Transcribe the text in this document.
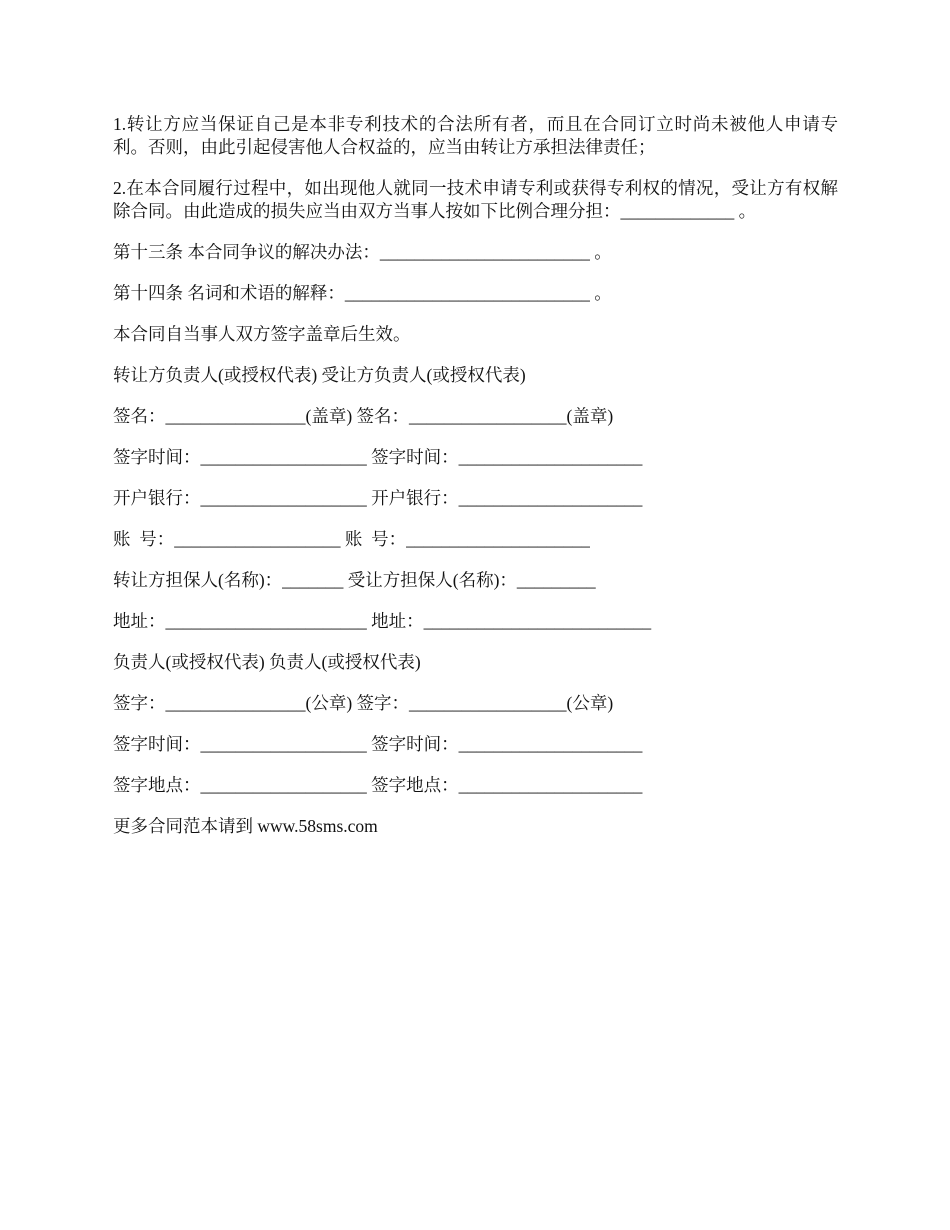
1.转让方应当保证自己是本非专利技术的合法所有者，而且在合同订立时尚未被他人申请专利。否则，由此引起侵害他人合权益的，应当由转让方承担法律责任；

2.在本合同履行过程中，如出现他人就同一技术申请专利或获得专利权的情况，受让方有权解除合同。由此造成的损失应当由双方当事人按如下比例合理分担：_____________ 。

第十三条 本合同争议的解决办法：________________________ 。

第十四条 名词和术语的解释：____________________________ 。

本合同自当事人双方签字盖章后生效。

转让方负责人(或授权代表) 受让方负责人(或授权代表)

签名：________________(盖章) 签名：__________________(盖章)

签字时间：___________________ 签字时间：_____________________

开户银行：___________________ 开户银行：_____________________

账  号：___________________ 账  号：_____________________

转让方担保人(名称)：_______ 受让方担保人(名称)：_________

地址：_______________________ 地址：__________________________

负责人(或授权代表) 负责人(或授权代表)

签字：________________(公章) 签字：__________________(公章)

签字时间：___________________ 签字时间：_____________________

签字地点：___________________ 签字地点：_____________________

更多合同范本请到 www.58sms.com
